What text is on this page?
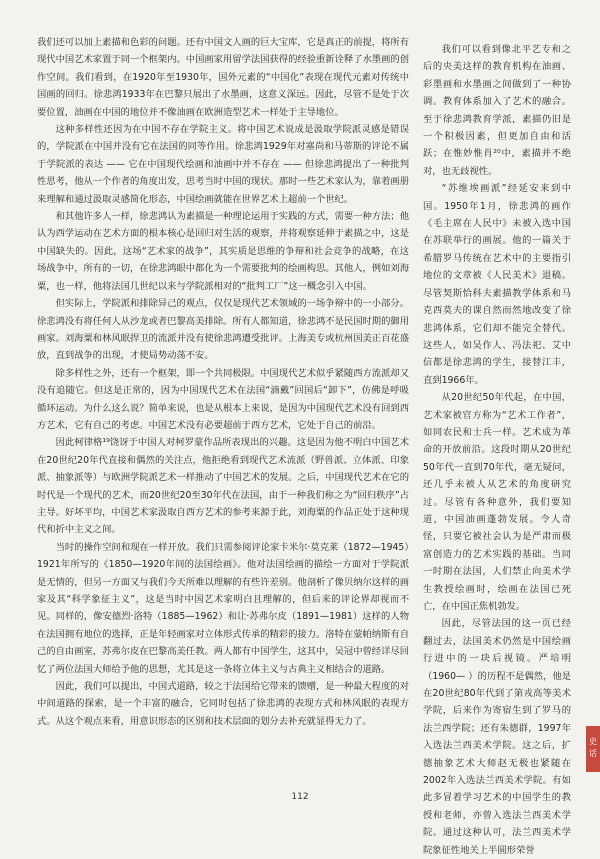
我们还可以加上素描和色彩的问题。还有中国文人画的巨大宝库，它是真正的前提，将所有现代中国艺术家置于同一个框架内。中国画家用留学法国获得的经验重新诠释了水墨画的创作空间。我们看到，在1920年至1930年，国外元素的“中国化”表现在现代元素对传统中国画的回归。徐悲鸿1933年在巴黎只展出了水墨画，这意义深远。因此，尽管不是处于次要位置，油画在中国的地位并不像油画在欧洲造型艺术一样处于主导地位。

这种多样性还因为在中国不存在学院主义。将中国艺术说成是汲取学院派灵感是错误的，学院派在中国并没有它在法国的同等作用。徐悲鸿1929年对塞尚和马蒂斯的评论不属于学院派的表达 —— 它在中国现代绘画和油画中并不存在 —— 但徐悲鸿提出了一种批判性思考，他从一个作者的角度出发，思考当时中国的现状。那时一些艺术家认为，靠着画册来理解和通过汲取灵感简化形态，中国绘画就能在世界艺术上超前一个世纪。

和其他许多人一样，徐悲鸿认为素描是一种理论运用于实践的方式，需要一种方法；他认为西学运动在艺术方面的根本核心是回归对生活的观察，并将观察延伸于素描之中，这是中国缺失的。因此，这场“艺术家的战争”，其实质是思维的争辩和社会竞争的战略，在这场战争中，所有的一切，在徐悲鸿眼中都化为一个需要批判的绘画构思。其他人，例如刘海粟，也一样，他将法国几世纪以来与学院派相对的“批判工厂”这一概念引入中国。

但实际上，学院派和排除异己的观点，仅仅是现代艺术领域的一场争辩中的一小部分。徐悲鸿没有将任何人从沙龙或者巴黎高美排除。所有人都知道，徐悲鸿不是民国时期的御用画家。刘海粟和林风眠捍卫的流派并没有使徐悲鸿遭受批评。上海美专或杭州国美正百花盛放，直到战争的出现，才使局势动荡不安。

除多样性之外，还有一个框架，即一个共同极限。中国现代艺术似乎紧随西方流派却又没有追随它。但这是正常的，因为中国现代艺术在法国“滴戴”回国后“卸下”，仿佛是呼吸循环运动。为什么这么说？简单来说，也是从根本上来说，是因为中国现代艺术没有回到西方艺术，它有自己的考虑。中国艺术没有必要超前于西方艺术，它处于自己的前沿。

因此柯律格¹⁹饶讶于中国人对柯罗蒙作品所表现出的兴趣。这是因为他不明白中国艺术在20世纪20年代直接和偶然的关注点，他拒绝看到现代艺术流派（野兽派、立体派、印象派、抽象派等）与欧洲学院派艺术一样推动了中国艺术的发展。之后，中国现代艺术在它的时代是一个现代的艺术，而20世纪20至30年代在法国，由于一种我们称之为“回归秩序”占主导。好坏平均，中国艺术家汲取自西方艺术的参考来源于此，刘海粟的作品正处于这种现代和折中主义之间。

当时的操作空间和现在一样开放。我们只需参阅评论家卡米尔·莫克莱（1872—1945）1921年所写的《1850—1920年间的法国绘画》。他对法国绘画的描绘一方面对于学院派是无情的，但另一方面又与我们今天所难以理解的有些许差别。他剖析了像贝纳尔这样的画家及其“科学象征主义”，这是当时中国艺术家明白且理解的，但后来的评论界却视而不见。同样的，像安德烈·洛特（1885—1962）和让·苏弗尔皮（1891—1981）这样的人物在法国拥有地位的选择，正是年轻画家对立体形式传承的精彩的接力。洛特在蒙帕纳斯有自己的自由画室，苏弗尔皮在巴黎高美任教。两人都有中国学生，这其中，吴冠中曾经详尽回忆了两位法国大师给予他的思想，尤其是这一条将立体主义与古典主义相结合的道路。

因此，我们可以提出，中国式道路，较之于法国给它带来的馈赠，是一种最大程度的对中间道路的探索，是一个丰富的融合，它同时包括了徐悲鸿的表现方式和林风眠的表现方式。从这个观点来看，用意识形态的区别和技术层面的划分去补充就显得无力了。

我们可以看到像北平艺专和之后的央美这样的教育机构在油画、彩墨画和水墨画之间做到了一种协调。教育体系加入了艺术的融合。至于徐悲鸿教育学派，素描仍旧是一个积极因素，但更加自由和活跃；在惟妙惟肖²⁰中，素描并不绝对，也无歧视性。

“苏维埃画派”经延安来到中国。1950年1月，徐悲鸿的画作《毛主席在人民中》未被入选中国在苏联举行的画展。他的一篇关于希腊罗马传统在艺术中的主要指引地位的文章被《人民美术》退稿。尽管契斯恰科夫素描教学体系和马克西莫夫的课自然而然地改变了徐悲鸿体系，它们却不能完全替代。这些人，如吴作人、冯法祀、艾中信都是徐悲鸿的学生，接替江丰，直到1966年。

从20世纪50年代起，在中国，艺术家被官方称为“艺术工作者”，如同农民和士兵一样。艺术成为革命的开放前沿。这段时期从20世纪50年代一直到70年代，毫无疑问，还几乎未被人从艺术的角度研究过。尽管有各种意外，我们要知道，中国油画蓬勃发展。令人奇怪，只要它被社会认为是严肃而极富创造力的艺术实践的基础。当同一时期在法国，人们禁止向美术学生教授绘画时，绘画在法国已死亡，在中国正焦机勃发。

因此，尽管法国的这一页已经翻过去，法国美术仍然是中国绘画行进中的一块后视镜。严培明（1960— ）的历程不是偶然，他是在20世纪80年代到了第戎高等美术学院，后来作为寄宿生到了罗马的法兰西学院；还有朱德群，1997年入选法兰西美术学院。这之后，扩德抽象艺术大师赵无极也紧随在2002年入选法兰西美术学院。有如此多冒着学习艺术的中国学生的教授和老师，亦曾入选法兰西美术学院。通过这种认可，法兰西美术学院象征性地关上半圆形荣誉

112
史话
